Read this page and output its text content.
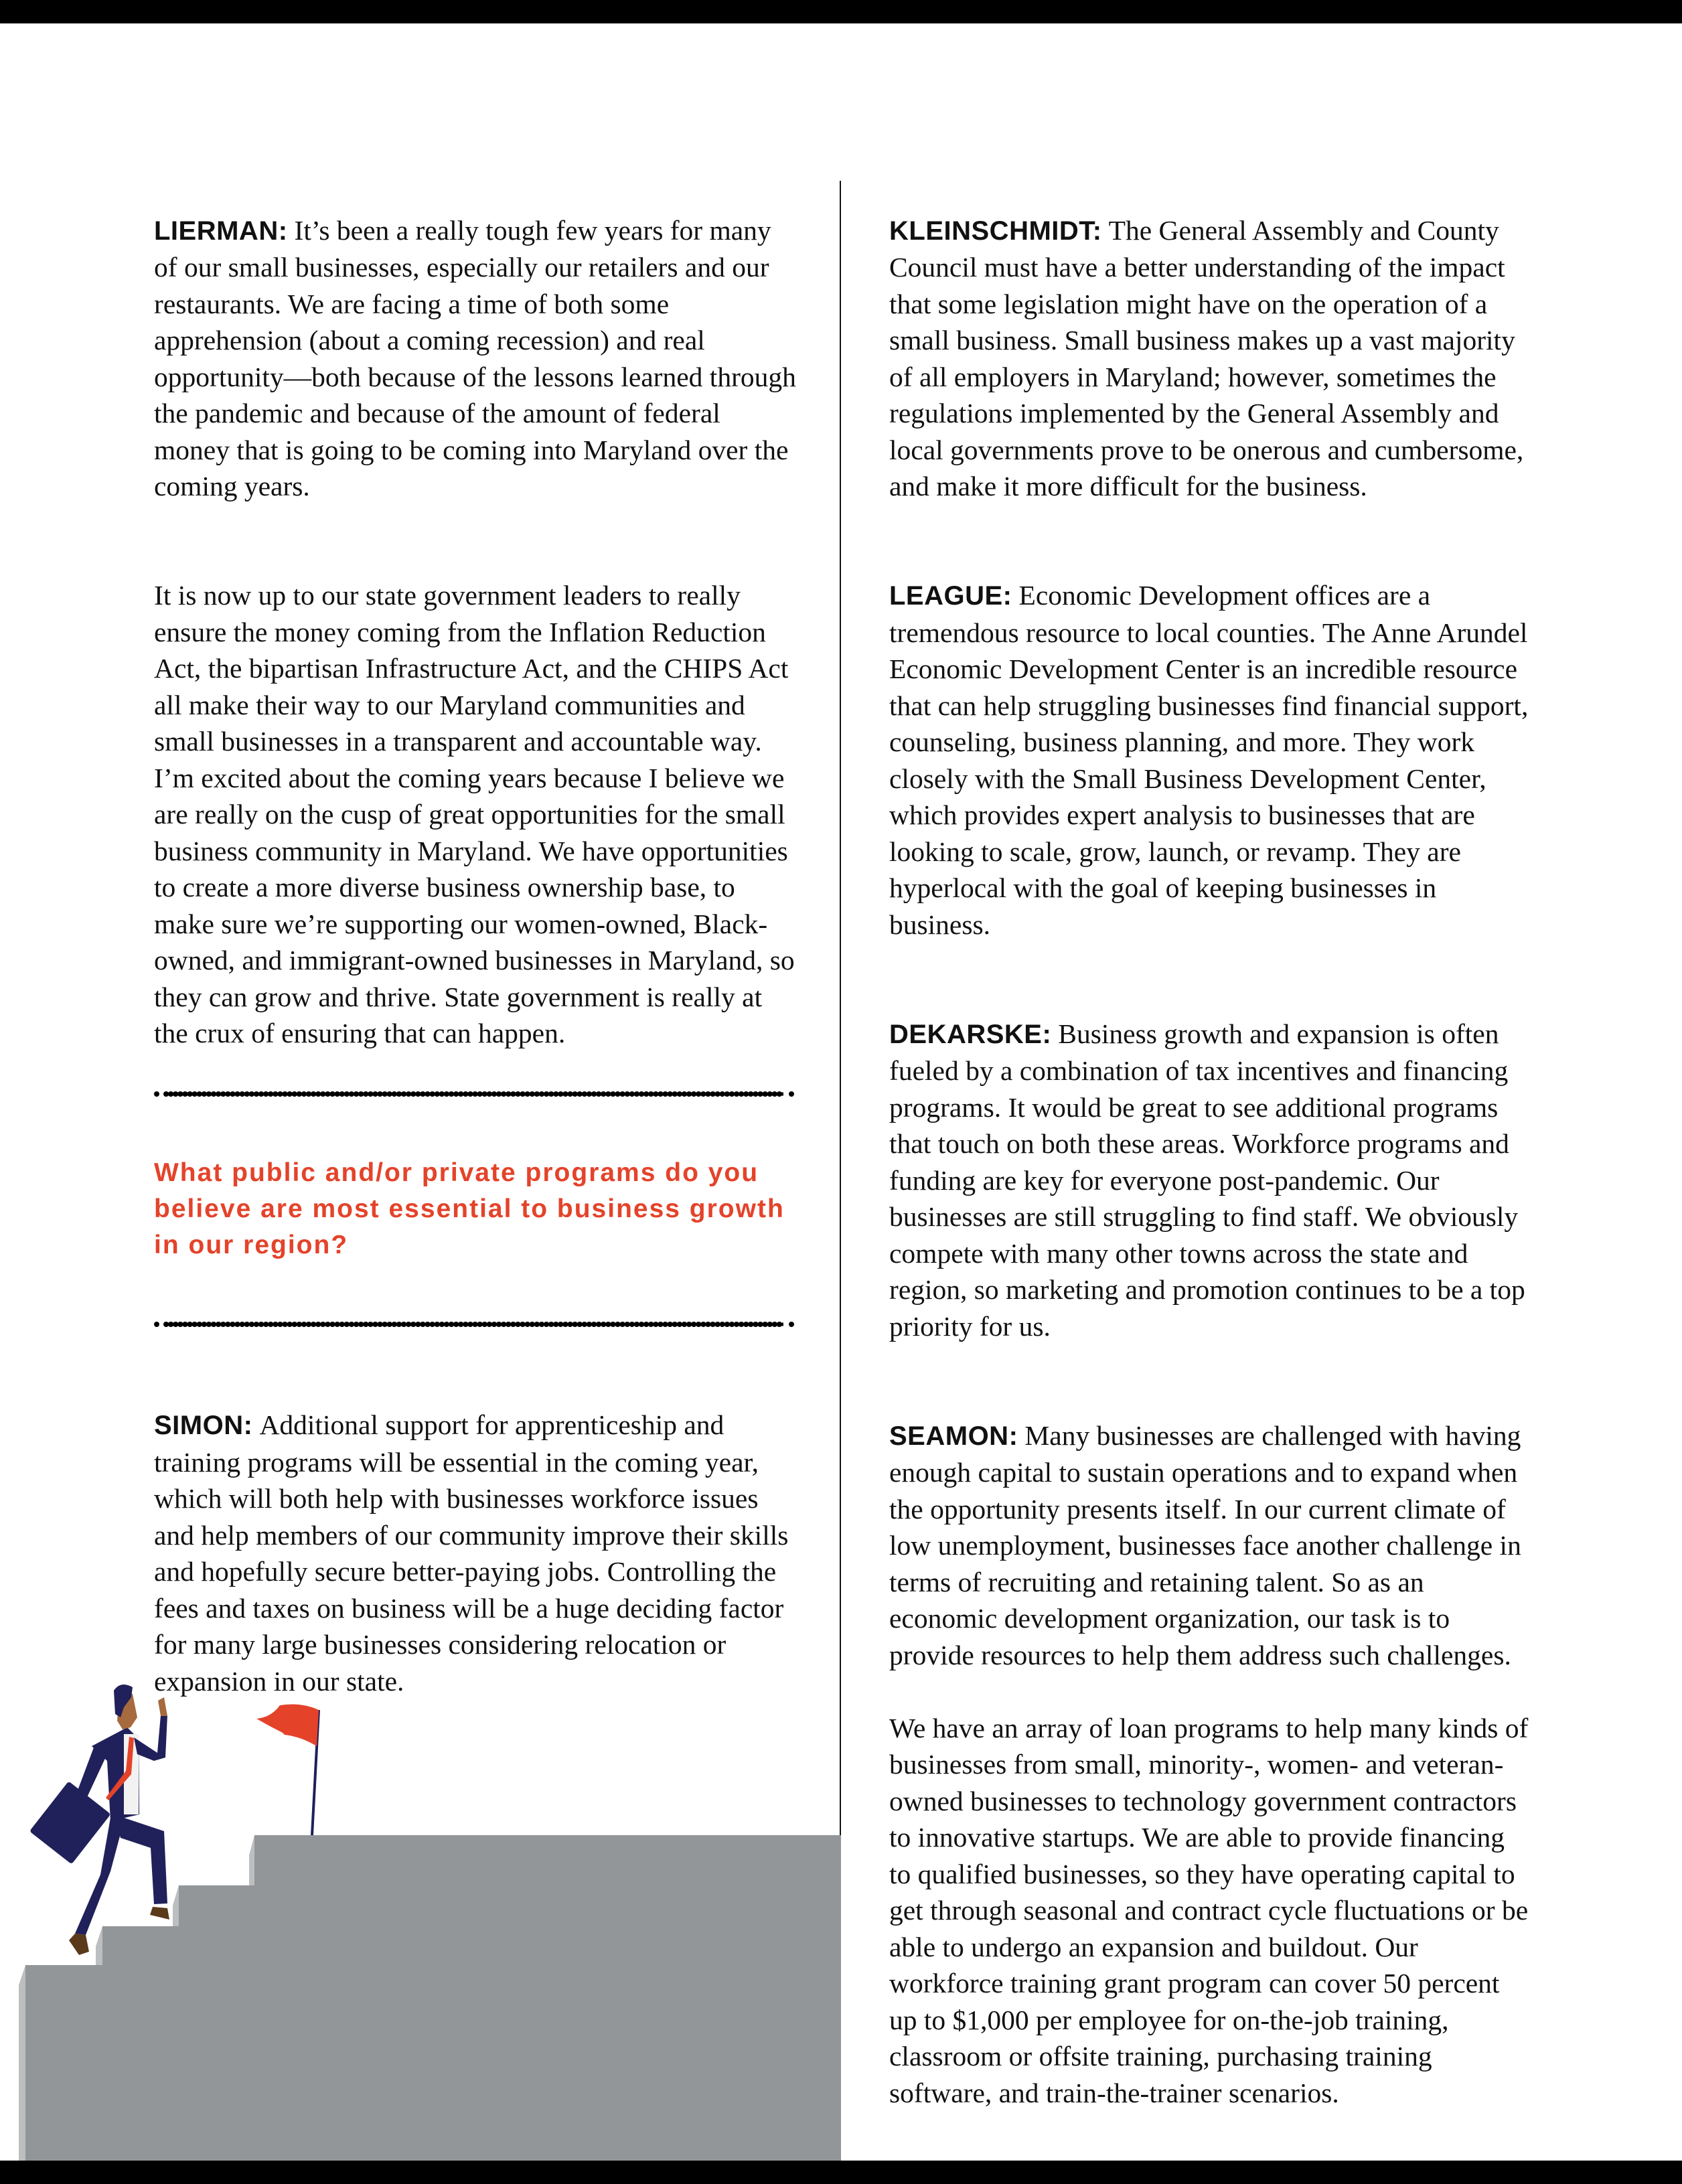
LIERMAN: It’s been a really tough few years for many of our small businesses, especially our retailers and our restaurants. We are facing a time of both some apprehension (about a coming recession) and real opportunity—both because of the lessons learned through the pandemic and because of the amount of federal money that is going to be coming into Maryland over the coming years.

It is now up to our state government leaders to really ensure the money coming from the Inflation Reduction Act, the bipartisan Infrastructure Act, and the CHIPS Act all make their way to our Maryland communities and small businesses in a transparent and accountable way. I’m excited about the coming years because I believe we are really on the cusp of great opportunities for the small business community in Maryland. We have opportunities to create a more diverse business ownership base, to make sure we’re supporting our women-owned, Black-owned, and immigrant-owned businesses in Maryland, so they can grow and thrive. State government is really at the crux of ensuring that can happen.

What public and/or private programs do you believe are most essential to business growth in our region?

SIMON: Additional support for apprenticeship and training programs will be essential in the coming year, which will both help with businesses workforce issues and help members of our community improve their skills and hopefully secure better-paying jobs. Controlling the fees and taxes on business will be a huge deciding factor for many large businesses considering relocation or expansion in our state.

KLEINSCHMIDT: The General Assembly and County Council must have a better understanding of the impact that some legislation might have on the operation of a small business. Small business makes up a vast majority of all employers in Maryland; however, sometimes the regulations implemented by the General Assembly and local governments prove to be onerous and cumbersome, and make it more difficult for the business.

LEAGUE: Economic Development offices are a tremendous resource to local counties. The Anne Arundel Economic Development Center is an incredible resource that can help struggling businesses find financial support, counseling, business planning, and more. They work closely with the Small Business Development Center, which provides expert analysis to businesses that are looking to scale, grow, launch, or revamp. They are hyperlocal with the goal of keeping businesses in business.

DEKARSKE: Business growth and expansion is often fueled by a combination of tax incentives and financing programs. It would be great to see additional programs that touch on both these areas. Workforce programs and funding are key for everyone post-pandemic. Our businesses are still struggling to find staff. We obviously compete with many other towns across the state and region, so marketing and promotion continues to be a top priority for us.

SEAMON: Many businesses are challenged with having enough capital to sustain operations and to expand when the opportunity presents itself. In our current climate of low unemployment, businesses face another challenge in terms of recruiting and retaining talent. So as an economic development organization, our task is to provide resources to help them address such challenges.

We have an array of loan programs to help many kinds of businesses from small, minority-, women- and veteran-owned businesses to technology government contractors to innovative startups. We are able to provide financing to qualified businesses, so they have operating capital to get through seasonal and contract cycle fluctuations or be able to undergo an expansion and buildout. Our workforce training grant program can cover 50 percent up to $1,000 per employee for on-the-job training, classroom or offsite training, purchasing training software, and train-the-trainer scenarios.
